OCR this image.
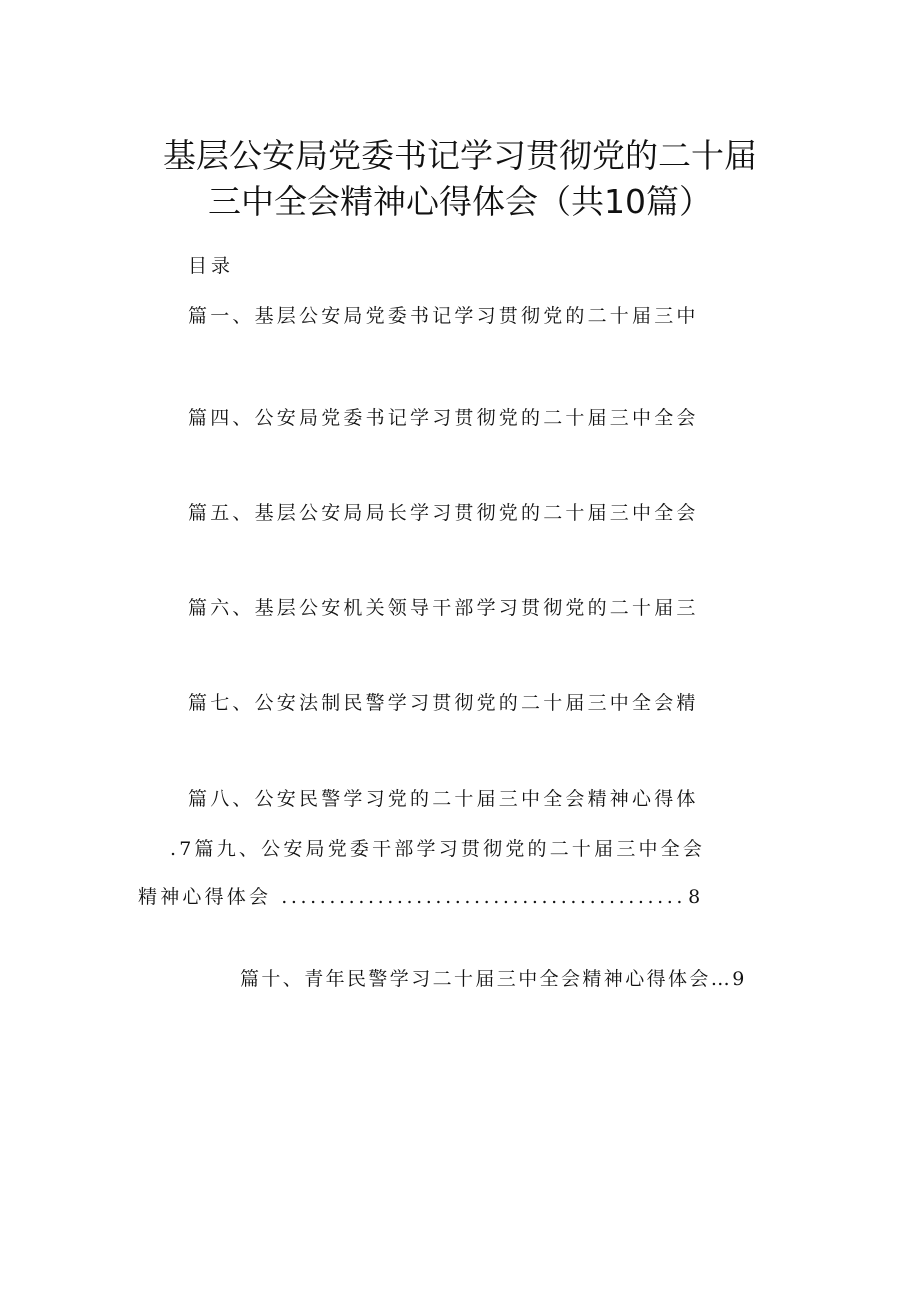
基层公安局党委书记学习贯彻党的二十届
三中全会精神心得体会（共10篇）
目录
篇一、基层公安局党委书记学习贯彻党的二十届三中
篇四、公安局党委书记学习贯彻党的二十届三中全会
篇五、基层公安局局长学习贯彻党的二十届三中全会
篇六、基层公安机关领导干部学习贯彻党的二十届三
篇七、公安法制民警学习贯彻党的二十届三中全会精
篇八、公安民警学习党的二十届三中全会精神心得体
.7篇九、公安局党委干部学习贯彻党的二十届三中全会
精神心得体会 .......................................... 8
篇十、青年民警学习二十届三中全会精神心得体会…9
